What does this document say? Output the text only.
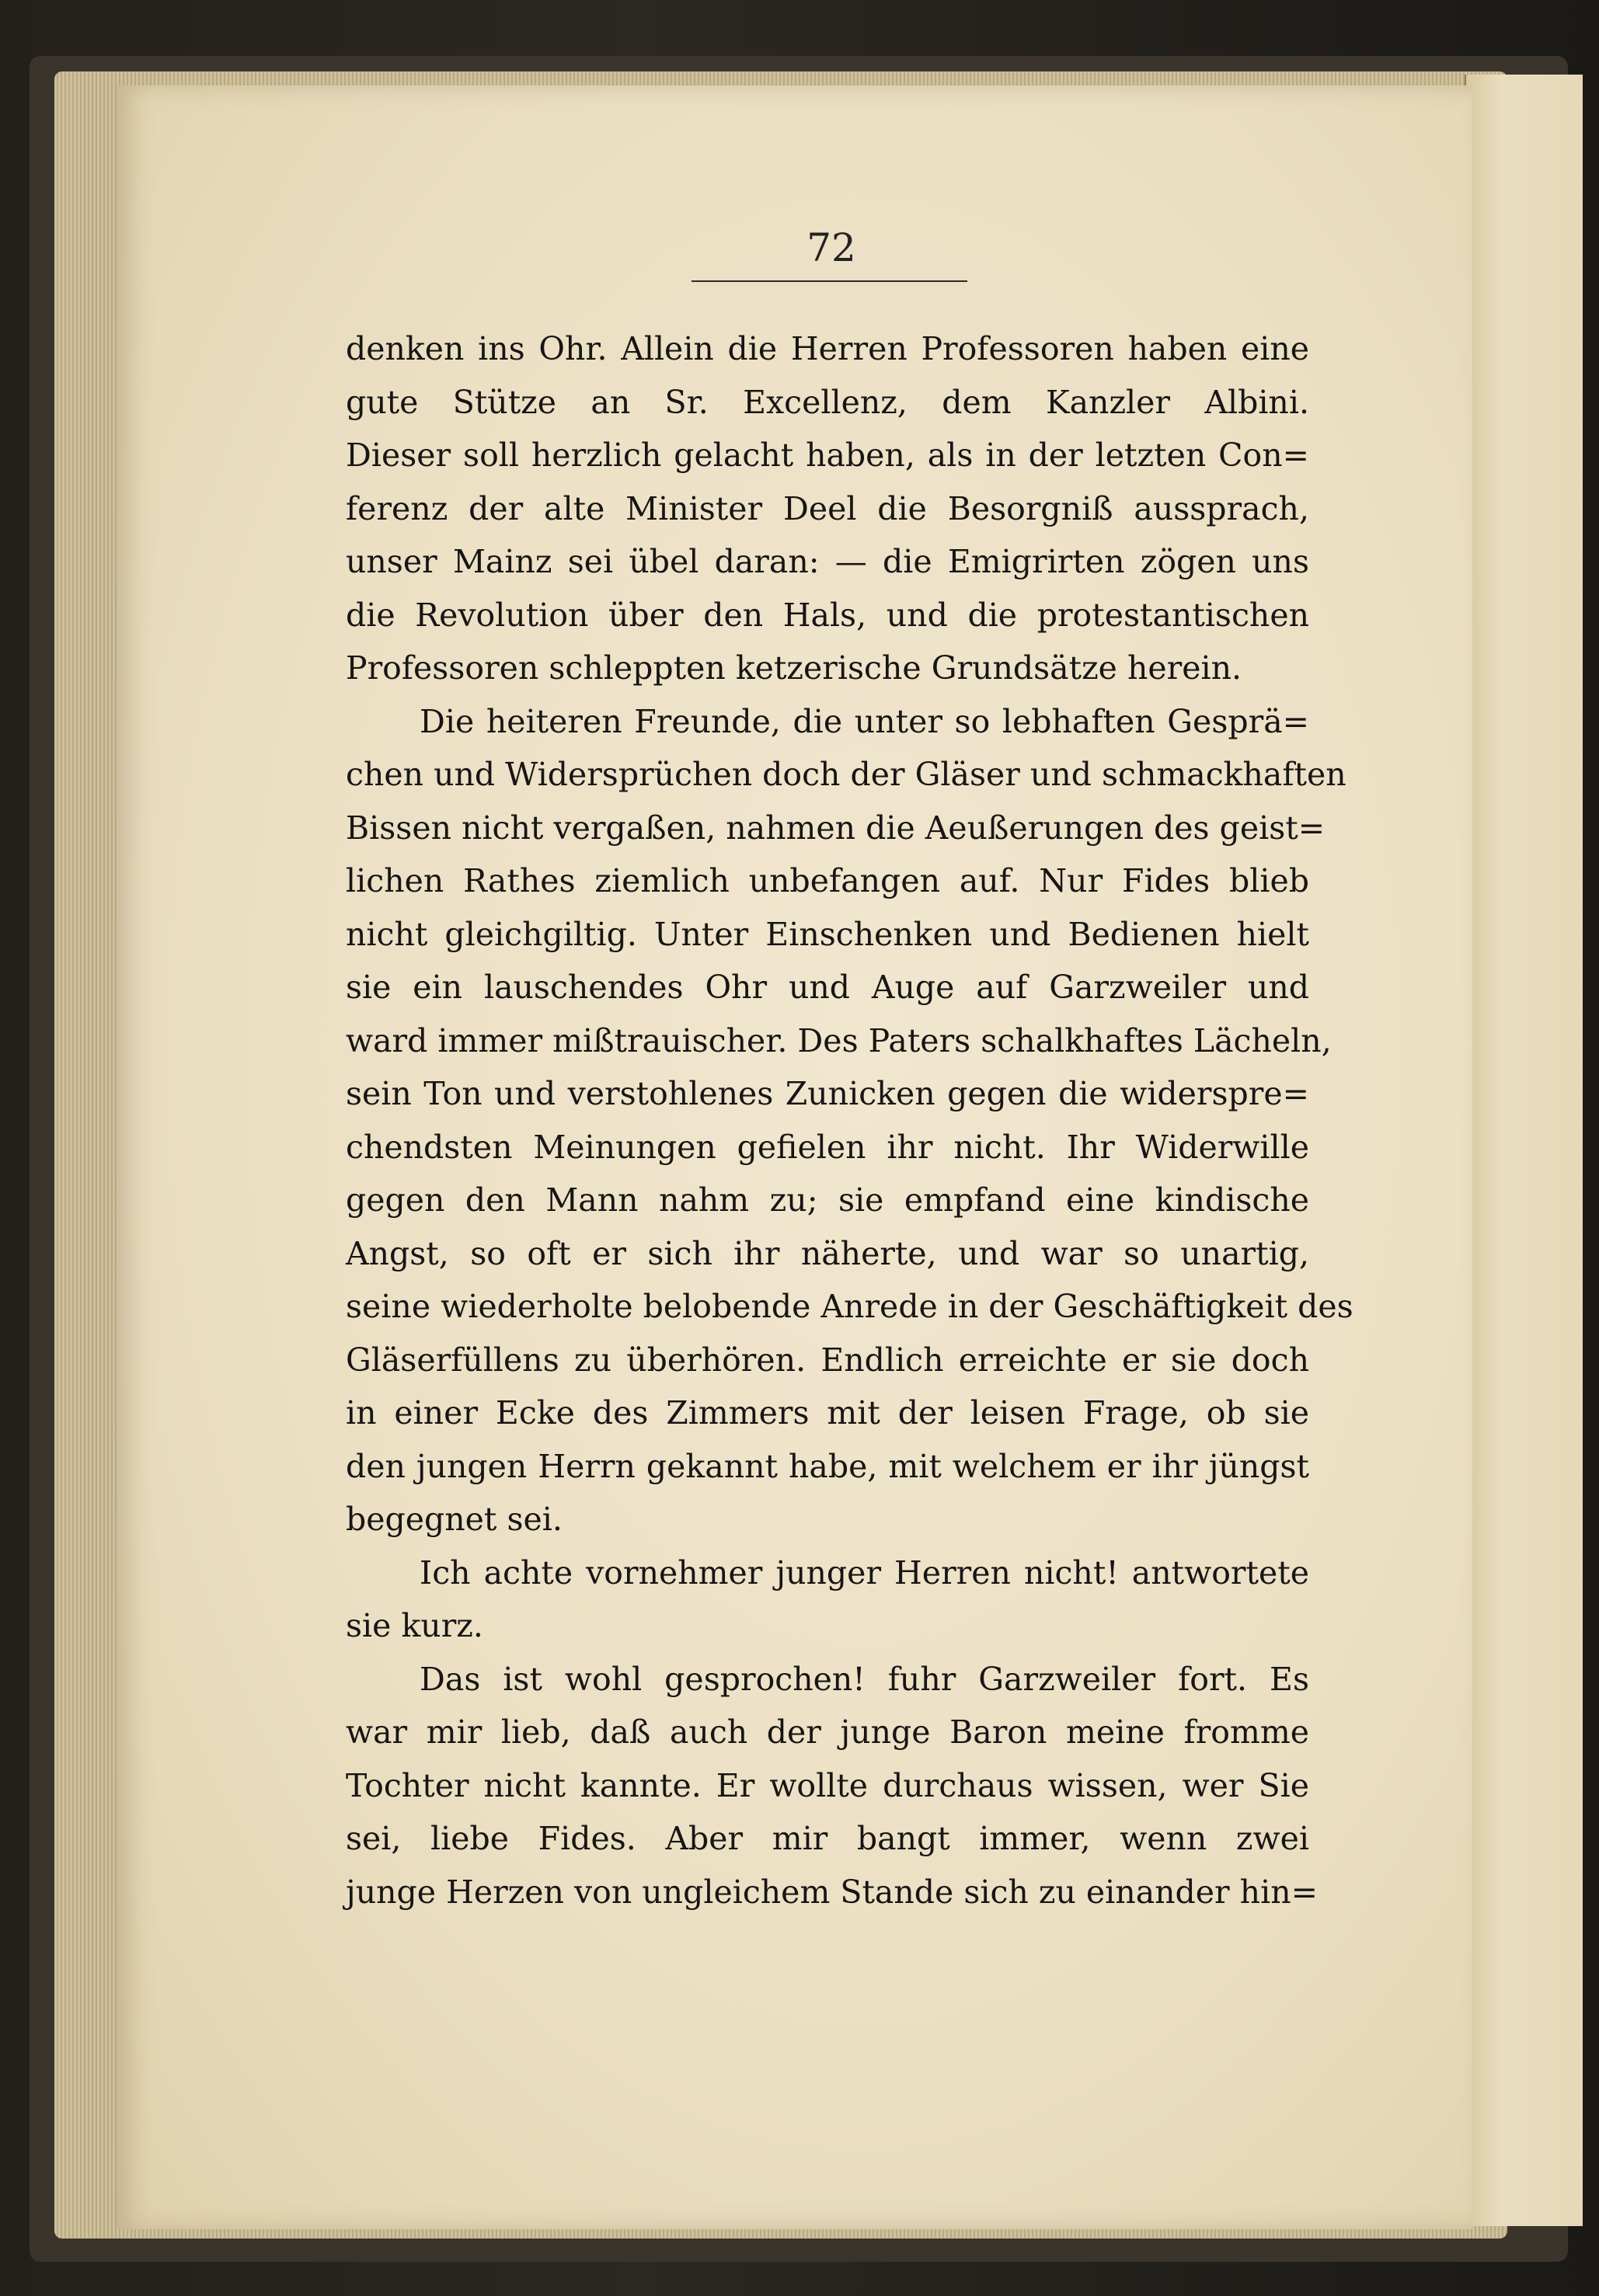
72
denken ins Ohr. Allein die Herren Professoren haben eine
gute Stütze an Sr. Excellenz, dem Kanzler Albini.
Dieser soll herzlich gelacht haben, als in der letzten Con=
ferenz der alte Minister Deel die Besorgniß aussprach,
unser Mainz sei übel daran: — die Emigrirten zögen uns
die Revolution über den Hals, und die protestantischen
Professoren schleppten ketzerische Grundsätze herein.
Die heiteren Freunde, die unter so lebhaften Gesprä=
chen und Widersprüchen doch der Gläser und schmackhaften
Bissen nicht vergaßen, nahmen die Aeußerungen des geist=
lichen Rathes ziemlich unbefangen auf. Nur Fides blieb
nicht gleichgiltig. Unter Einschenken und Bedienen hielt
sie ein lauschendes Ohr und Auge auf Garzweiler und
ward immer mißtrauischer. Des Paters schalkhaftes Lächeln,
sein Ton und verstohlenes Zunicken gegen die widerspre=
chendsten Meinungen gefielen ihr nicht. Ihr Widerwille
gegen den Mann nahm zu; sie empfand eine kindische
Angst, so oft er sich ihr näherte, und war so unartig,
seine wiederholte belobende Anrede in der Geschäftigkeit des
Gläserfüllens zu überhören. Endlich erreichte er sie doch
in einer Ecke des Zimmers mit der leisen Frage, ob sie
den jungen Herrn gekannt habe, mit welchem er ihr jüngst
begegnet sei.
Ich achte vornehmer junger Herren nicht! antwortete
sie kurz.
Das ist wohl gesprochen! fuhr Garzweiler fort. Es
war mir lieb, daß auch der junge Baron meine fromme
Tochter nicht kannte. Er wollte durchaus wissen, wer Sie
sei, liebe Fides. Aber mir bangt immer, wenn zwei
junge Herzen von ungleichem Stande sich zu einander hin=
